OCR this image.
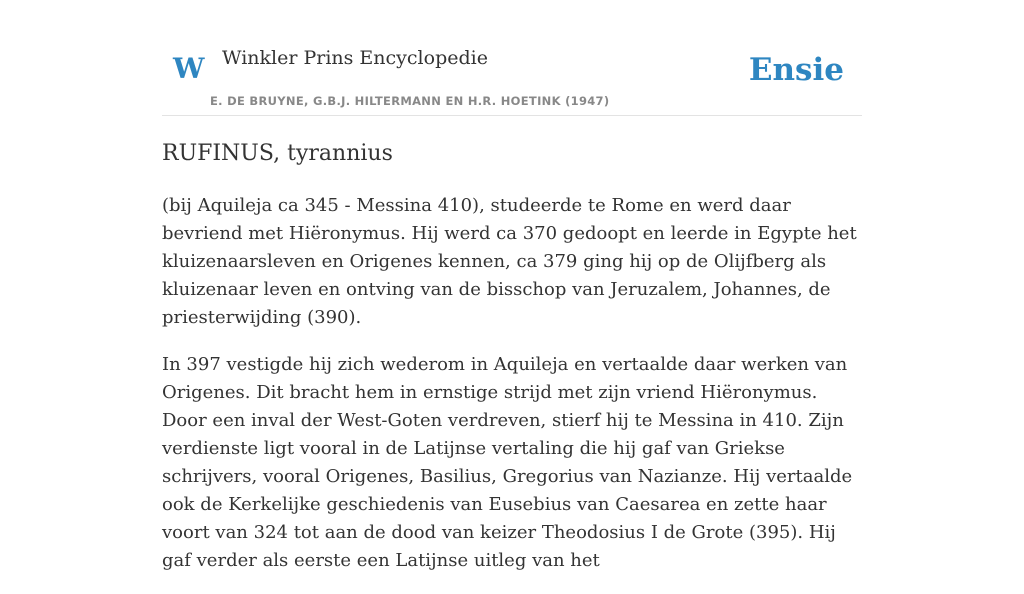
W Winkler Prins Encyclopedie
E. DE BRUYNE, G.B.J. HILTERMANN EN H.R. HOETINK (1947)
Ensie
RUFINUS, tyrannius

(bij Aquileja ca 345 - Messina 410), studeerde te Rome en werd daar bevriend met Hiëronymus. Hij werd ca 370 gedoopt en leerde in Egypte het kluizenaarsleven en Origenes kennen, ca 379 ging hij op de Olijfberg als kluizenaar leven en ontving van de bisschop van Jeruzalem, Johannes, de priesterwijding (390).

In 397 vestigde hij zich wederom in Aquileja en vertaalde daar werken van Origenes. Dit bracht hem in ernstige strijd met zijn vriend Hiëronymus. Door een inval der West-Goten verdreven, stierf hij te Messina in 410. Zijn verdienste ligt vooral in de Latijnse vertaling die hij gaf van Griekse schrijvers, vooral Origenes, Basilius, Gregorius van Nazianze. Hij vertaalde ook de Kerkelijke geschiedenis van Eusebius van Caesarea en zette haar voort van 324 tot aan de dood van keizer Theodosius I de Grote (395). Hij gaf verder als eerste een Latijnse uitleg van het
